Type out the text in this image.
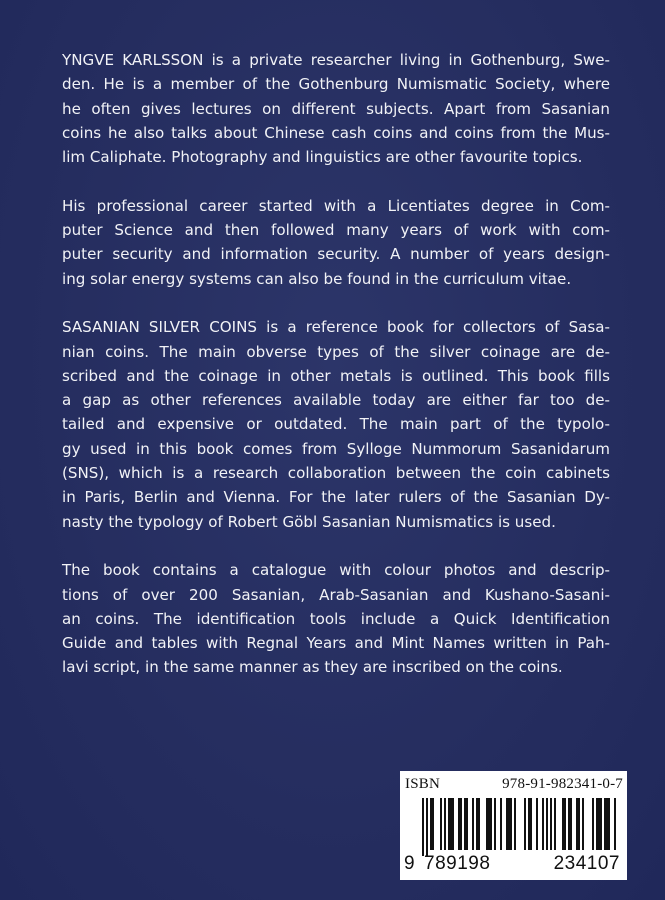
YNGVE KARLSSON is a private researcher living in Gothenburg, Swe-
den. He is a member of the Gothenburg Numismatic Society, where
he often gives lectures on different subjects. Apart from Sasanian
coins he also talks about Chinese cash coins and coins from the Mus-
lim Caliphate. Photography and linguistics are other favourite topics.

His professional career started with a Licentiates degree in Com-
puter Science and then followed many years of work with com-
puter security and information security. A number of years design-
ing solar energy systems can also be found in the curriculum vitae.

SASANIAN SILVER COINS is a reference book for collectors of Sasa-
nian coins. The main obverse types of the silver coinage are de-
scribed and the coinage in other metals is outlined. This book fills
a gap as other references available today are either far too de-
tailed and expensive or outdated. The main part of the typolo-
gy used in this book comes from Sylloge Nummorum Sasanidarum
(SNS), which is a research collaboration between the coin cabinets
in Paris, Berlin and Vienna. For the later rulers of the Sasanian Dy-
nasty the typology of Robert Göbl Sasanian Numismatics is used.

The book contains a catalogue with colour photos and descrip-
tions of over 200 Sasanian, Arab-Sasanian and Kushano-Sasani-
an coins. The identification tools include a Quick Identification
Guide and tables with Regnal Years and Mint Names written in Pah-
lavi script, in the same manner as they are inscribed on the coins.

ISBN 978-91-982341-0-7
9 789198 234107
